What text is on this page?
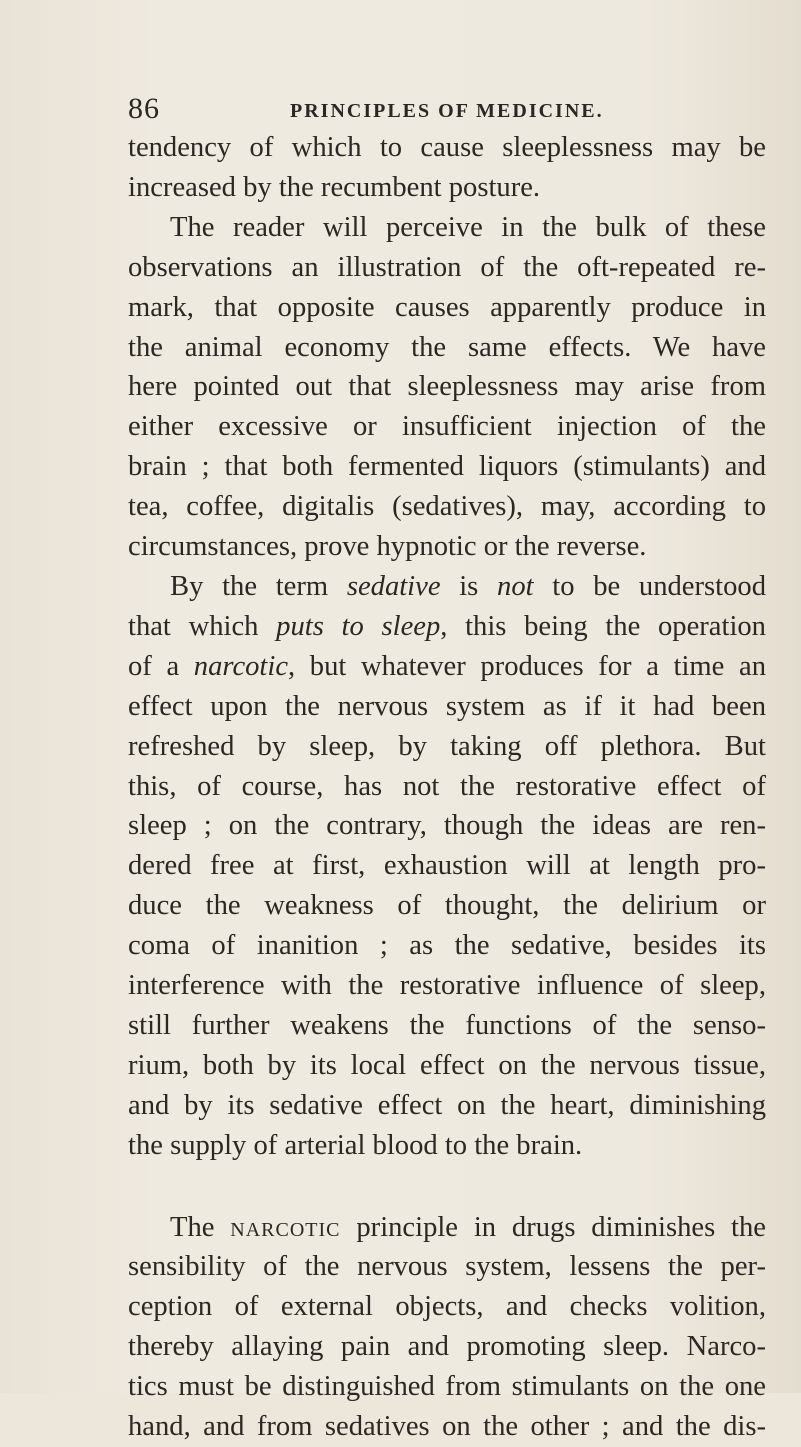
86	PRINCIPLES OF MEDICINE.

tendency of which to cause sleeplessness may be
increased by the recumbent posture.

The reader will perceive in the bulk of these
observations an illustration of the oft-repeated re-
mark, that opposite causes apparently produce in
the animal economy the same effects. We have
here pointed out that sleeplessness may arise from
either excessive or insufficient injection of the
brain ; that both fermented liquors (stimulants) and
tea, coffee, digitalis (sedatives), may, according to
circumstances, prove hypnotic or the reverse.

By the term sedative is not to be understood
that which puts to sleep, this being the operation
of a narcotic, but whatever produces for a time an
effect upon the nervous system as if it had been
refreshed by sleep, by taking off plethora. But
this, of course, has not the restorative effect of
sleep ; on the contrary, though the ideas are ren-
dered free at first, exhaustion will at length pro-
duce the weakness of thought, the delirium or
coma of inanition ; as the sedative, besides its
interference with the restorative influence of sleep,
still further weakens the functions of the senso-
rium, both by its local effect on the nervous tissue,
and by its sedative effect on the heart, diminishing
the supply of arterial blood to the brain.

The narcotic principle in drugs diminishes the
sensibility of the nervous system, lessens the per-
ception of external objects, and checks volition,
thereby allaying pain and promoting sleep. Narco-
tics must be distinguished from stimulants on the one
hand, and from sedatives on the other ; and the dis-
